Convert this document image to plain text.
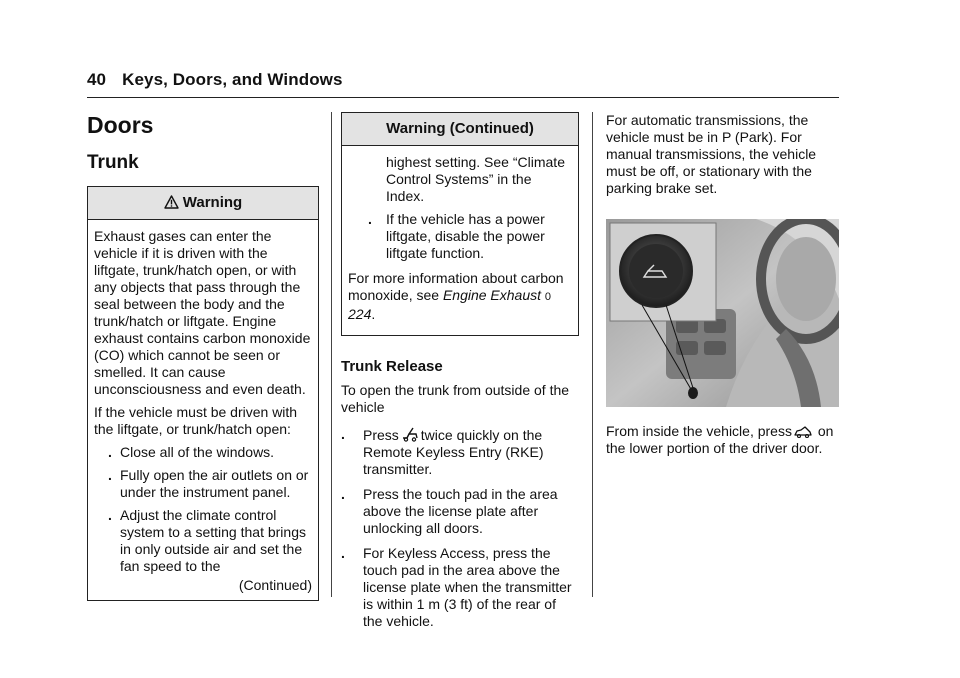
40 Keys, Doors, and Windows
Doors
Trunk
Warning

Exhaust gases can enter the vehicle if it is driven with the liftgate, trunk/hatch open, or with any objects that pass through the seal between the body and the trunk/hatch or liftgate. Engine exhaust contains carbon monoxide (CO) which cannot be seen or smelled. It can cause unconsciousness and even death.

If the vehicle must be driven with the liftgate, or trunk/hatch open:

. Close all of the windows.
. Fully open the air outlets on or under the instrument panel.
. Adjust the climate control system to a setting that brings in only outside air and set the fan speed to the
(Continued)
Warning (Continued)

highest setting. See “Climate Control Systems” in the Index.

.	If the vehicle has a power liftgate, disable the power liftgate function.

For more information about carbon monoxide, see Engine Exhaust 0 224.

Trunk Release

To open the trunk from outside of the vehicle

.	Press twice quickly on the Remote Keyless Entry (RKE) transmitter.
.	Press the touch pad in the area above the license plate after unlocking all doors.
.	For Keyless Access, press the touch pad in the area above the license plate when the transmitter is within 1 m (3 ft) of the rear of the vehicle.

For automatic transmissions, the vehicle must be in P (Park). For manual transmissions, the vehicle must be off, or stationary with the parking brake set.

From inside the vehicle, press on the lower portion of the driver door.
